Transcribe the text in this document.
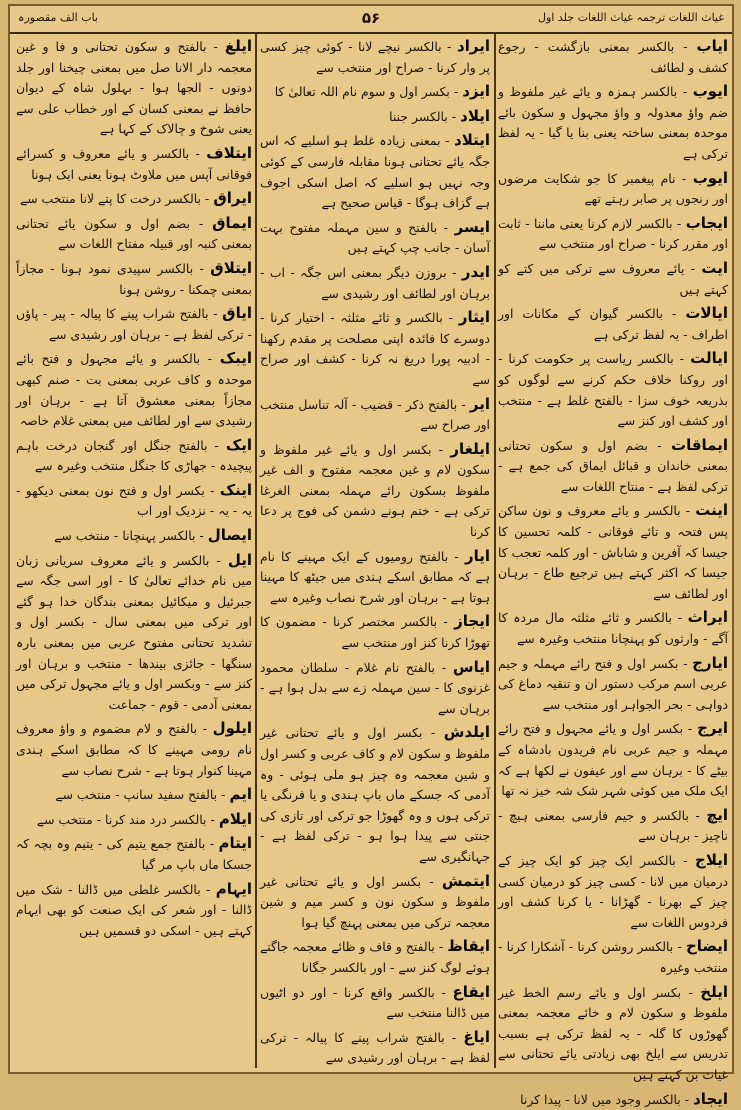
غیاث اللغات ترجمہ غیاث اللغات جلد اول
۵۶
باب الف مقصورہ

ایاب - بالکسر بمعنی بازگشت - رجوع کشف و لطائف

ایوب - بالکسر ہمزہ و یائے غیر ملفوظ و ضم واؤ معدولہ و واؤ مجہول و سکون بائے موحدہ بمعنی ساختہ یعنی بنا یا گیا - یہ لفظ ترکی ہے

ایوب - نام پیغمبر کا جو شکایت مرضوں اور رنجوں پر صابر رہتے تھے

ایجاب - بالکسر لازم کرنا یعنی ماننا - ثابت اور مقرر کرنا - صراح اور منتخب سے

ایت - یائے معروف سے ترکی میں کتے کو کہتے ہیں

ایالات - بالکسر گیوان کے مکانات اور اطراف - یہ لفظ ترکی ہے

ایالت - بالکسر ریاست پر حکومت کرنا - اور روکنا خلاف حکم کرنے سے لوگوں کو بذریعہ خوف سزا - بالفتح غلط ہے - منتخب اور کشف اور کنز سے

ایماقات - بضم اول و سکون تحتانی بمعنی خاندان و قبائل ایماق کی جمع ہے - ترکی لفظ ہے - منتاح اللغات سے

اینت - بالکسر و یائے معروف و نون ساکن پس فتحہ و تائے فوقانی - کلمہ تحسین کا جیسا کہ آفرین و شاباش - اور کلمہ تعجب کا جیسا کہ اکثر کہتے ہیں ترجیع طاع - برہان اور لطائف سے

ایراث - بالکسر و ثائے مثلثہ مال مردہ کا آگے - وارثوں کو پہنچانا منتخب وغیرہ سے

ایارج - بکسر اول و فتح رائے مہملہ و جیم عربی اسم مرکب دستور ان و تنقیہ دماغ کی دواہی - بحر الجواہر اور منتخب سے

ایرج - بکسر اول و یائے مجہول و فتح رائے مہملہ و جیم عربی نام فریدون بادشاہ کے بیٹے کا - برہان سے اور عیفون نے لکھا ہے کہ ایک ملک میں کوئی شہر شک شہ خیز نہ تھا

ایچ - بالکسر و جیم فارسی بمعنی ہیچ - ناچیز - برہان سے

ایلاج - بالکسر ایک چیز کو ایک چیز کے درمیان میں لانا - کسی چیز کو درمیان کسی چیز کے بھرنا - گھڑانا - یا کرنا کشف اور فردوس اللغات سے

ایضاح - بالکسر روشن کرنا - آشکارا کرنا - منتخب وغیرہ

ایلخ - بکسر اول و یائے رسم الخط غیر ملفوظ و سکون لام و خائے معجمہ بمعنی گھوڑوں کا گلہ - یہ لفظ ترکی ہے بسبب تدریس سے ایلخ بھی زیادتی یائے تحتانی سے غیاث بن کہتے ہیں

ایجاد - بالکسر وجود میں لانا - پیدا کرنا

ایراد - بالکسر نیچے لانا - کوئی چیز کسی پر وار کرنا - صراح اور منتخب سے

ایزد - بکسر اول و سوم نام اللہ تعالیٰ کا

ایلاد - بالکسر جننا

ایتلاد - بمعنی زیادہ غلط ہو اسلیے کہ اس جگہ یائے تحتانی ہونا مقابلہ فارسی کے کوئی وجہ نہیں ہو اسلیے کہ اصل اسکی اجوف ہے گزاف ہوگا - قیاس صحیح ہے

ایسر - بالفتح و سین مہملہ مفتوح بہت آسان - جانب چپ کہتے ہیں

ایدر - بروزن دیگر بمعنی اس جگہ - اب - برہان اور لطائف اور رشیدی سے

ایثار - بالکسر و ثائے مثلثہ - اختیار کرنا - دوسرے کا فائدہ اپنی مصلحت پر مقدم رکھنا - ادبیہ پورا دریغ نہ کرنا - کشف اور صراح سے

ایر - بالفتح ذکر - قضیب - آلہ تناسل منتخب اور صراح سے

ایلغار - بکسر اول و یائے غیر ملفوظ و سکون لام و غین معجمہ مفتوح و الف غیر ملفوظ بسکون رائے مہملہ بمعنی الغرغا ترکی ہے - ختم ہونے دشمن کی فوج پر دعا کرنا

ایار - بالفتح رومیوں کے ایک مہینے کا نام ہے کہ مطابق اسکے ہندی میں جیٹھ کا مہینا ہوتا ہے - برہان اور شرح نصاب وغیرہ سے

ایجاز - بالکسر مختصر کرنا - مضمون کا تھوڑا کرنا کنز اور منتخب سے

ایاس - بالفتح نام غلام - سلطان محمود غزنوی کا - سین مہملہ زے سے بدل ہوا ہے - برہان سے

ایلدش - بکسر اول و یائے تحتانی غیر ملفوظ و سکون لام و کاف عربی و کسر اول و شین معجمہ وہ چیز ہو ملی ہوئی - وہ آدمی کہ جسکے ماں باپ ہندی و یا فرنگی یا ترکی ہوں و وہ گھوڑا جو ترکی اور تازی کی جنتی سے پیدا ہوا ہو - ترکی لفظ ہے - جہانگیری سے

ایتمش - بکسر اول و یائے تحتانی غیر ملفوظ و سکون نون و کسر میم و شین معجمہ ترکی میں بمعنی پہنچ گیا ہوا

ایقاظ - بالفتح و قاف و ظائے معجمہ جاگتے ہوئے لوگ کنز سے - اور بالکسر جگانا

ایقاع - بالکسر واقع کرنا - اور دو اٹیوں میں ڈالنا منتخب سے

ایاغ - بالفتح شراب پینے کا پیالہ - ترکی لفظ ہے - برہان اور رشیدی سے

ایلغ - بالفتح و سکون تحتانی و فا و غین معجمہ دار الانا صل میں بمعنی چیخنا اور جلد دونوں - الجھا ہوا - بہلول شاہ کے دیوان حافظ نے بمعنی کسان کے اور خطاب علی سے یعنی شوخ و چالاک کے کہا ہے

ایتلاف - بالکسر و یائے معروف و کسرائے فوقانی آپس میں ملاوٹ ہونا یعنی ایک ہونا

ایراق - بالکسر درخت کا پتے لانا منتخب سے

ایماق - بضم اول و سکون یائے تحتانی بمعنی کنبہ اور قبیلہ مفتاح اللغات سے

ایتلاق - بالکسر سپیدی نمود ہونا - مجازاً بمعنی چمکنا - روشن ہونا

ایاق - بالفتح شراب پینے کا پیالہ - پیر - پاؤں - ترکی لفظ ہے - برہان اور رشیدی سے

ایبک - بالکسر و یائے مجہول و فتح بائے موحدہ و کاف عربی بمعنی بت - صنم کبھی مجازاً بمعنی معشوق آتا ہے - برہان اور رشیدی سے اور لطائف میں بمعنی غلام خاصہ

ایک - بالفتح جنگل اور گنجان درخت باہم پیچیدہ - جھاڑی کا جنگل منتخب وغیرہ سے

اینک - بکسر اول و فتح نون بمعنی دیکھو - یہ - یہ - نزدیک اور اب

ایصال - بالکسر پہنچانا - منتخب سے

ایل - بالکسر و یائے معروف سریانی زبان میں نام خدائے تعالیٰ کا - اور اسی جگہ سے جبرئیل و میکائیل بمعنی بندگان خدا ہو گئے اور ترکی میں بمعنی سال - بکسر اول و تشدید تحتانی مفتوح عربی میں بمعنی بارہ سنگھا - جائزی بیندھا - منتخب و برہان اور کنز سے - وبکسر اول و یائے مجہول ترکی میں بمعنی آدمی - قوم - جماعت

ایلول - بالفتح و لام مضموم و واؤ معروف نام رومی مہینے کا کہ مطابق اسکے ہندی مہینا کنوار ہوتا ہے - شرح نصاب سے

ایم - بالفتح سفید سانپ - منتخب سے

ایلام - بالکسر درد مند کرنا - منتخب سے

ایتام - بالفتح جمع یتیم کی - یتیم وہ بچہ کہ جسکا ماں باپ مر گیا

ایہام - بالکسر غلطی میں ڈالنا - شک میں ڈالنا - اور شعر کی ایک صنعت کو بھی ایہام کہتے ہیں - اسکی دو قسمیں ہیں
